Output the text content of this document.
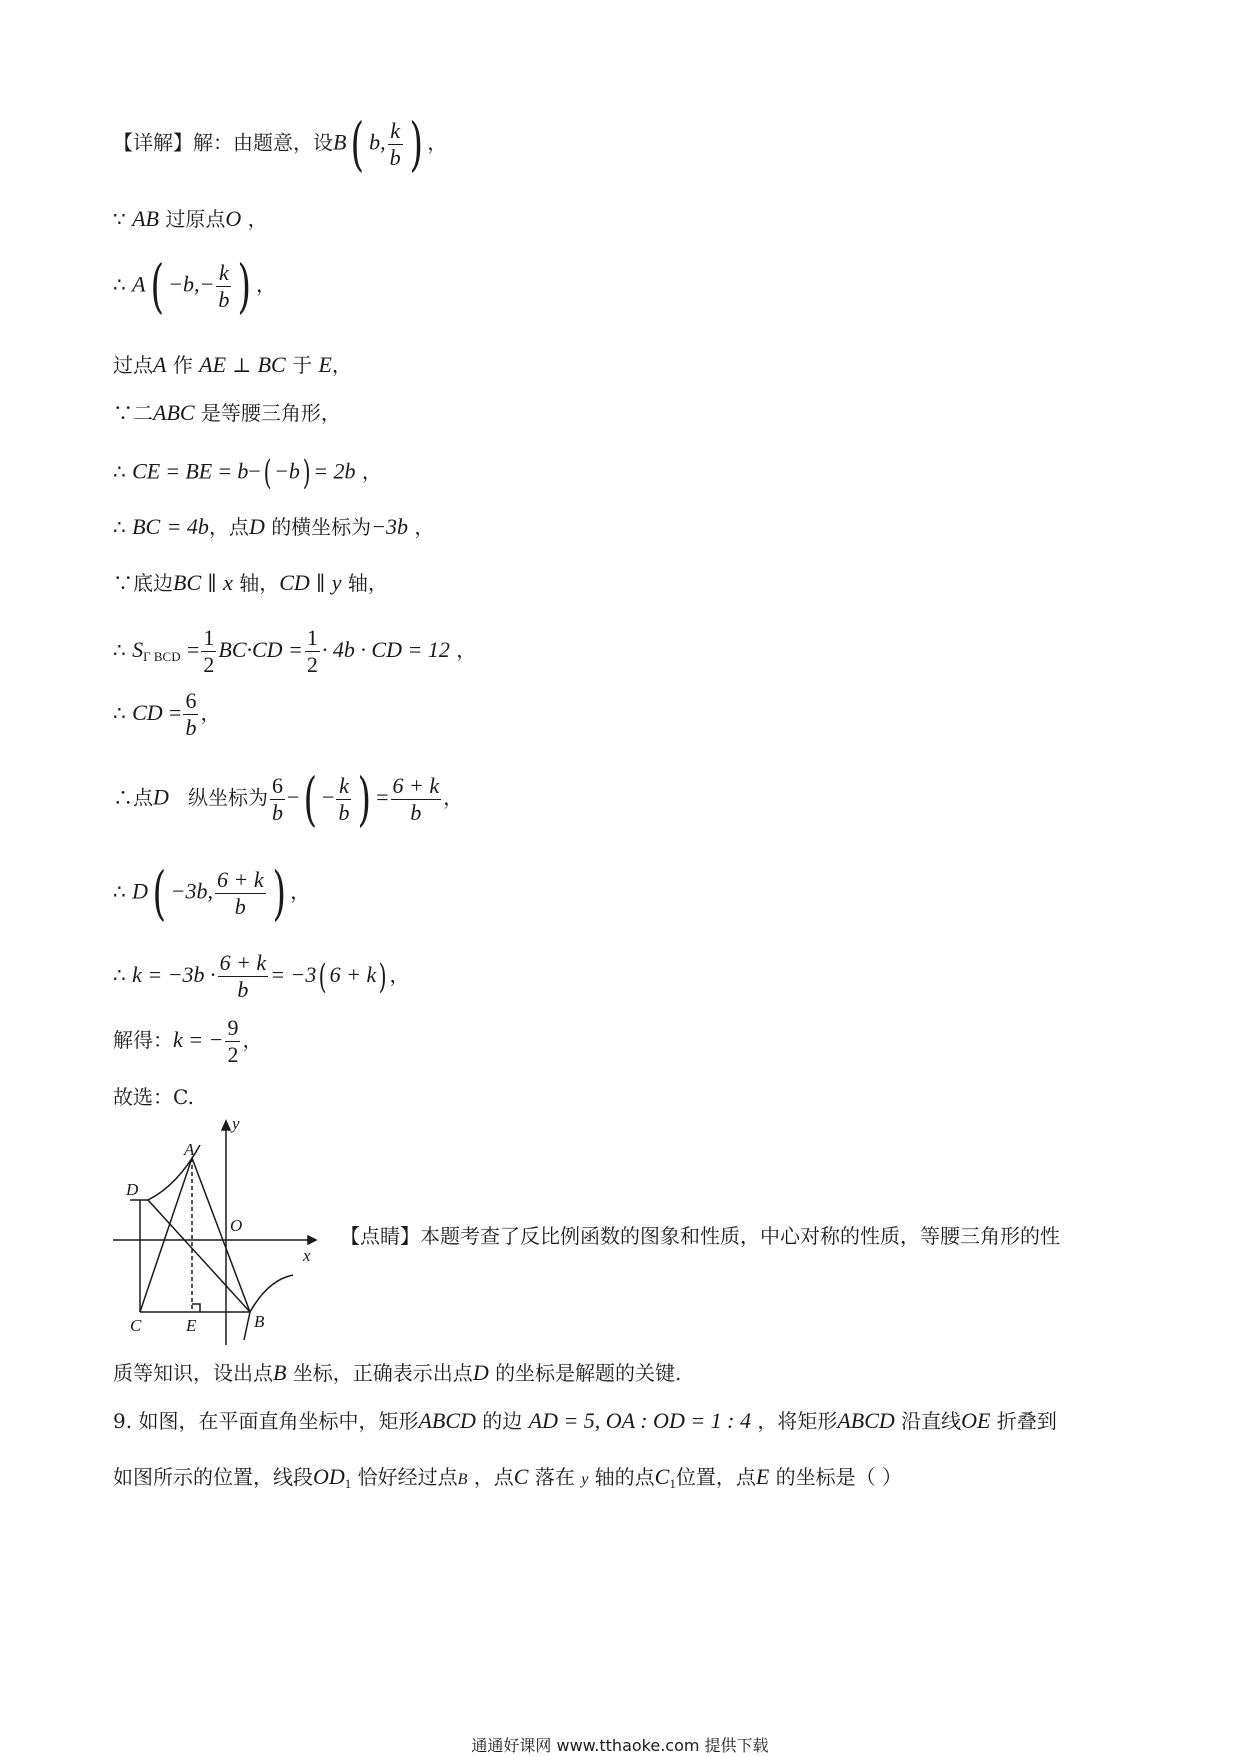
【详解】解：由题意，设B( b, $\frac{k}{b}$ ) ，
∵ AB 过原点O ，
∴ $A( -b,- \frac{k}{b}$ ) ，
过点A 作 AE ⊥ BC 于 E，
∵⼆ABC 是等腰三角形，
∴ CE = BE = b−( −b) = 2b ，
∴ BC = 4b，点D 的横坐标为−3b ，
∵底边BC ∥ x 轴，CD ∥ y 轴，
∴ $S_{\Gamma BCD} = \frac{1}{2} BC\cdot CD = \frac{1}{2} \cdot 4b$ · CD = 12 ，
∴ CD = $\frac{6}{b}$ ，
∴点D 纵坐标为 $\frac{6}{b}$ −( − $\frac{k}{b}$ ) = $\frac{6 + k}{b}$ ，
∴ D( −3b, $\frac{6 + k}{b}$ ) ，
∴ $k = -3b \cdot \frac{6 + k}{b} = -3$( 6 + k) ，
解得：k = − $\frac{9}{2}$ ，
故选：C.
y
x
A
D
O
C	E	B
【点睛】本题考查了反比例函数的图象和性质，中心对称的性质，等腰三角形的性
质等知识，设出点B 坐标，正确表示出点D 的坐标是解题的关键.
9. 如图，在平面直角坐标中，矩形ABCD 的边 AD = 5, OA : OD = 1 : 4 ，将矩形ABCD 沿直线OE 折叠到
如图所示的位置，线段$OD_1$ 恰好经过点B ，点C 落在 y 轴的点$C_1$位置，点E 的坐标是（ ）
通通好课网 www.tthaoke.com 提供下载
